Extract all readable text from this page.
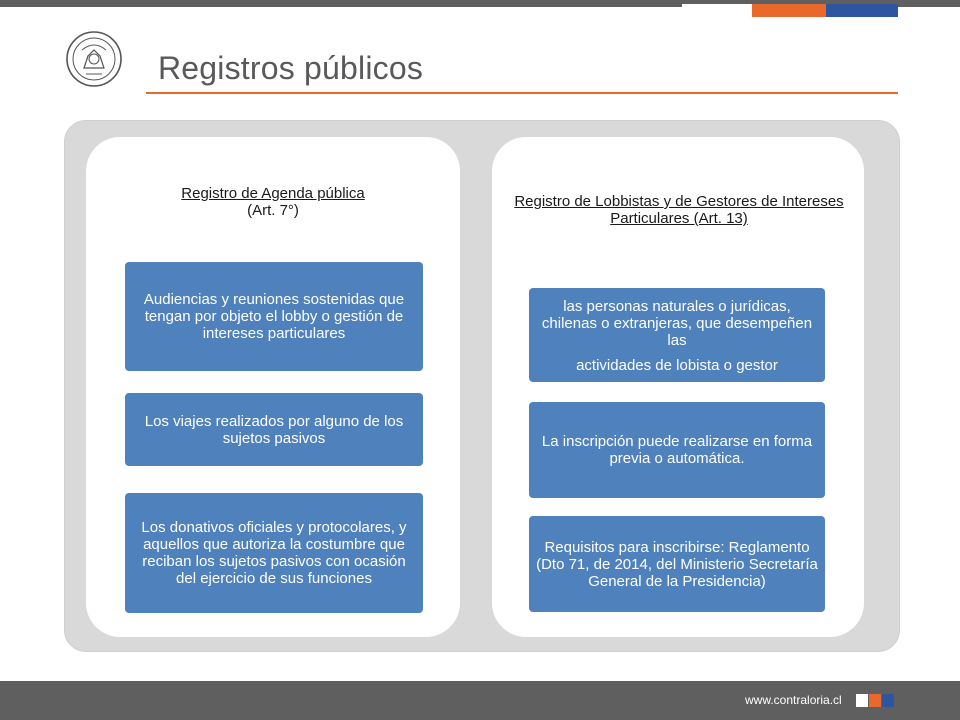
Registros públicos
Registro de Agenda pública
(Art. 7°)
Audiencias y reuniones sostenidas que tengan por objeto el lobby o gestión de intereses particulares
Los viajes realizados por alguno de los sujetos pasivos
Los donativos oficiales y protocolares, y aquellos que autoriza la costumbre que reciban los sujetos pasivos con ocasión del ejercicio de sus funciones
Registro de Lobbistas y de Gestores de Intereses Particulares (Art. 13)
las personas naturales o jurídicas, chilenas o extranjeras, que desempeñen las
actividades de lobista o gestor
La inscripción puede realizarse en forma previa o automática.
Requisitos para inscribirse: Reglamento (Dto 71, de 2014, del Ministerio Secretaría General de la Presidencia)
www.contraloria.cl
